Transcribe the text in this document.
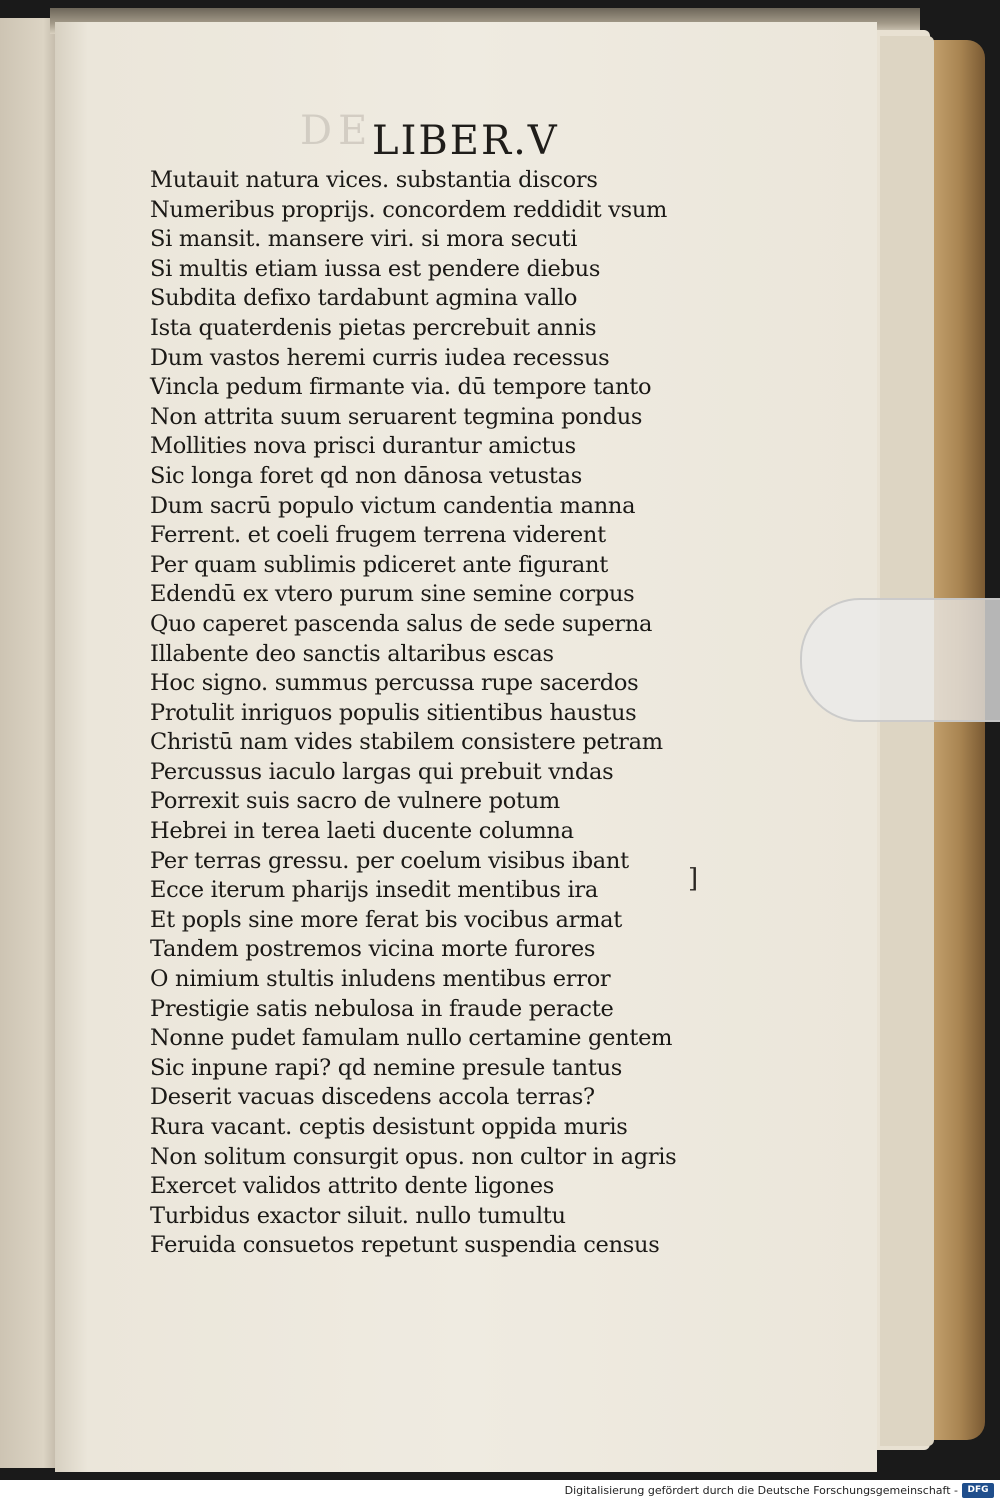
DE
LIBER.V
Mutauit natura vices. substantia discors
Numeribus proprijs. concordem reddidit vsum
Si mansit. mansere viri. si mora secuti
Si multis etiam iussa est pendere diebus
Subdita defixo tardabunt agmina vallo
Ista quaterdenis pietas percrebuit annis
Dum vastos heremi curris iudea recessus
Vincla pedum firmante via. dū tempore tanto
Non attrita suum seruarent tegmina pondus
Mollities nova prisci durantur amictus
Sic longa foret qd non dānosa vetustas
Dum sacrū populo victum candentia manna
Ferrent. et coeli frugem terrena viderent
Per quam sublimis pdiceret ante figurant
Edendū ex vtero purum sine semine corpus
Quo caperet pascenda salus de sede superna
Illabente deo sanctis altaribus escas
Hoc signo. summus percussa rupe sacerdos
Protulit inriguos populis sitientibus haustus
Christū nam vides stabilem consistere petram
Percussus iaculo largas qui prebuit vndas
Porrexit suis sacro de vulnere potum
Hebrei in terea laeti ducente columna
Per terras gressu. per coelum visibus ibant
Ecce iterum pharijs insedit mentibus ira
Et popls sine more ferat bis vocibus armat
Tandem postremos vicina morte furores
O nimium stultis inludens mentibus error
Prestigie satis nebulosa in fraude peracte
Nonne pudet famulam nullo certamine gentem
Sic inpune rapi? qd nemine presule tantus
Deserit vacuas discedens accola terras?
Rura vacant. ceptis desistunt oppida muris
Non solitum consurgit opus. non cultor in agris
Exercet validos attrito dente ligones
Turbidus exactor siluit. nullo tumultu
Feruida consuetos repetunt suspendia census
]
Digitalisierung gefördert durch die Deutsche Forschungsgemeinschaft -	DFG
